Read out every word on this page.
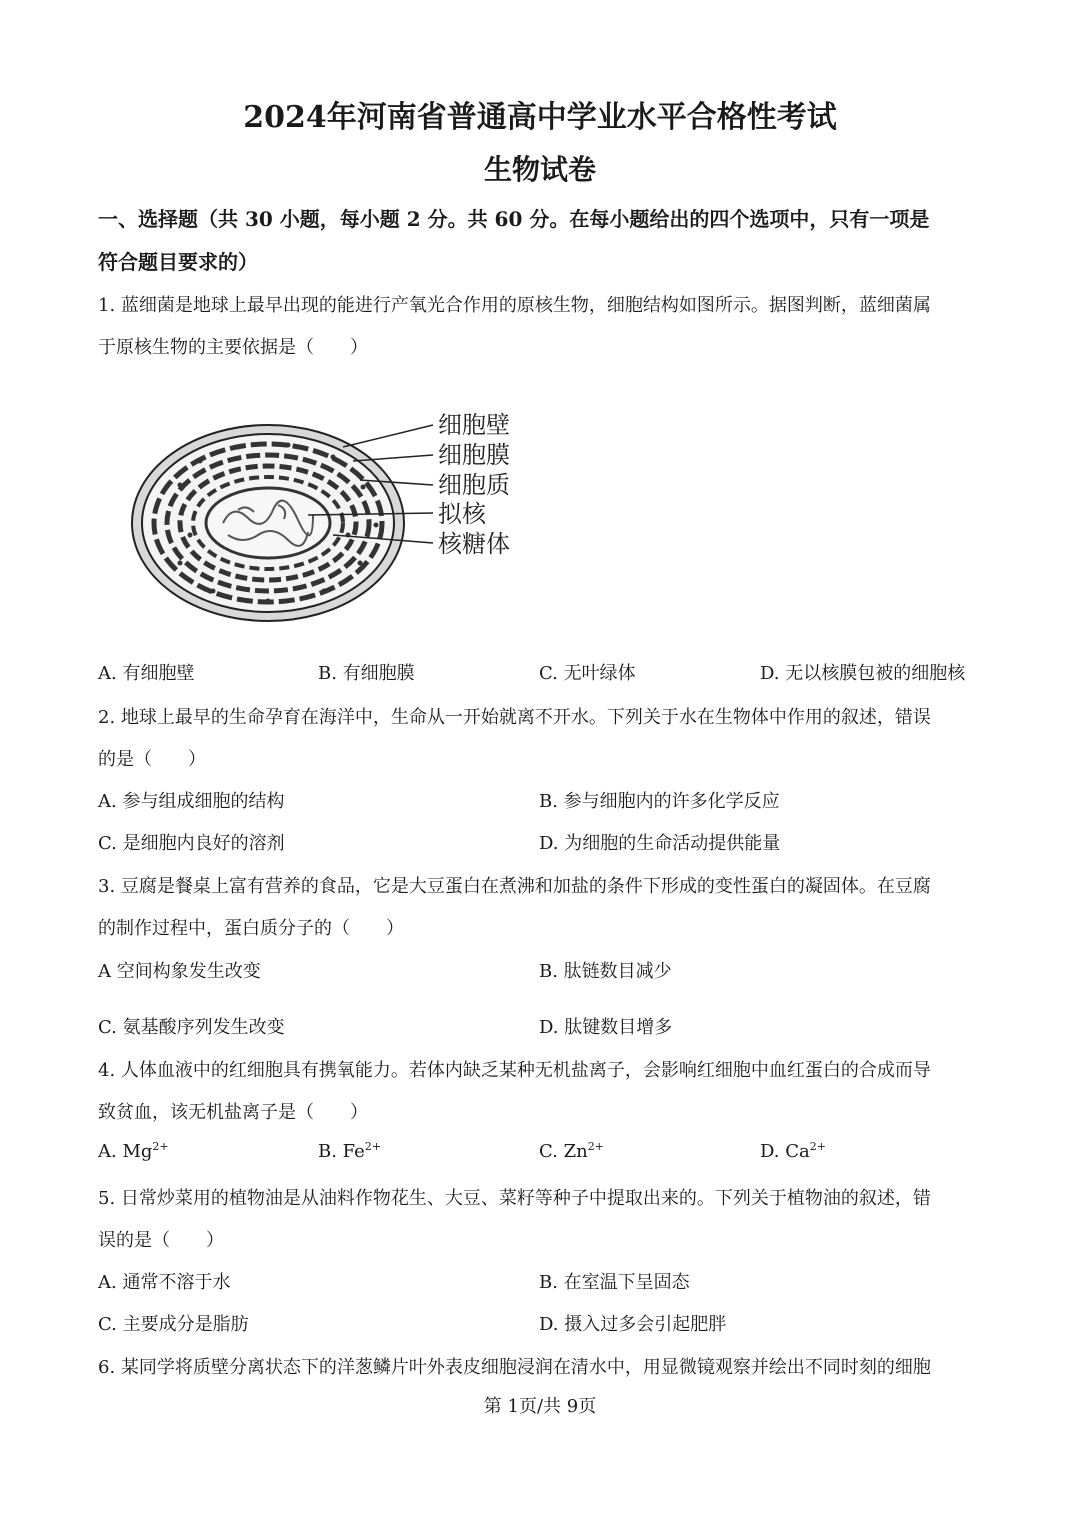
2024年河南省普通高中学业水平合格性考试
生物试卷
一、选择题（共 30 小题，每小题 2 分。共 60 分。在每小题给出的四个选项中，只有一项是
符合题目要求的）
1. 蓝细菌是地球上最早出现的能进行产氧光合作用的原核生物，细胞结构如图所示。据图判断，蓝细菌属
于原核生物的主要依据是（　　）
细胞壁
细胞膜
细胞质
拟核
核糖体
A. 有细胞壁	B. 有细胞膜	C. 无叶绿体	D. 无以核膜包被的细胞核
2. 地球上最早的生命孕育在海洋中，生命从一开始就离不开水。下列关于水在生物体中作用的叙述，错误
的是（　　）
A. 参与组成细胞的结构	B. 参与细胞内的许多化学反应
C. 是细胞内良好的溶剂	D. 为细胞的生命活动提供能量
3. 豆腐是餐桌上富有营养的食品，它是大豆蛋白在煮沸和加盐的条件下形成的变性蛋白的凝固体。在豆腐
的制作过程中，蛋白质分子的（　　）
A 空间构象发生改变	B. 肽链数目减少
C. 氨基酸序列发生改变	D. 肽键数目增多
4. 人体血液中的红细胞具有携氧能力。若体内缺乏某种无机盐离子，会影响红细胞中血红蛋白的合成而导
致贫血，该无机盐离子是（　　）
A. $Mg^{2+}$	B. $Fe^{2+}$	C. $Zn^{2+}$	D. $Ca^{2+}$
5. 日常炒菜用的植物油是从油料作物花生、大豆、菜籽等种子中提取出来的。下列关于植物油的叙述，错
误的是（　　）
A. 通常不溶于水	B. 在室温下呈固态
C. 主要成分是脂肪	D. 摄入过多会引起肥胖
6. 某同学将质壁分离状态下的洋葱鳞片叶外表皮细胞浸润在清水中，用显微镜观察并绘出不同时刻的细胞
第 1页/共 9页
